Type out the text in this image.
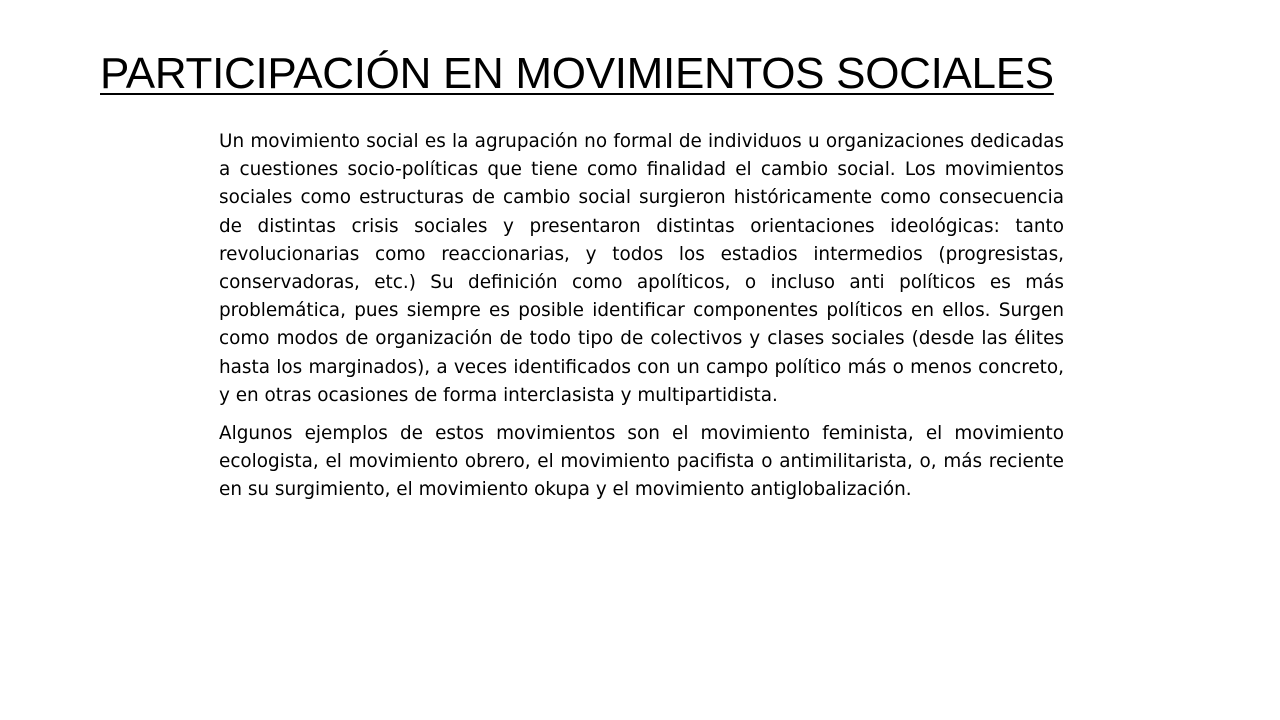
PARTICIPACIÓN EN MOVIMIENTOS SOCIALES

Un movimiento social es la agrupación no formal de individuos u organizaciones dedicadas a cuestiones socio-políticas que tiene como finalidad el cambio social. Los movimientos sociales como estructuras de cambio social surgieron históricamente como consecuencia de distintas crisis sociales y presentaron distintas orientaciones ideológicas: tanto revolucionarias como reaccionarias, y todos los estadios intermedios (progresistas, conservadoras, etc.) Su definición como apolíticos, o incluso anti políticos es más problemática, pues siempre es posible identificar componentes políticos en ellos. Surgen como modos de organización de todo tipo de colectivos y clases sociales (desde las élites hasta los marginados), a veces identificados con un campo político más o menos concreto, y en otras ocasiones de forma interclasista y multipartidista.

Algunos ejemplos de estos movimientos son el movimiento feminista, el movimiento ecologista, el movimiento obrero, el movimiento pacifista o antimilitarista, o, más reciente en su surgimiento, el movimiento okupa y el movimiento antiglobalización.
